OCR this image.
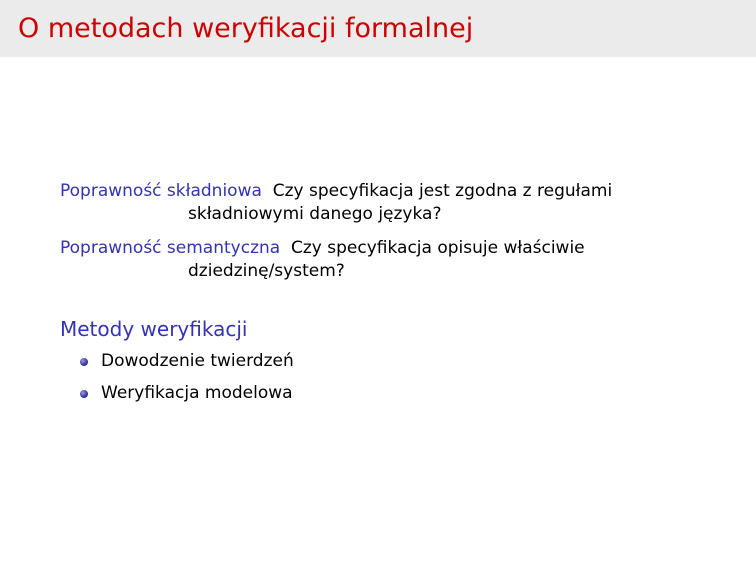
O metodach weryfikacji formalnej
Poprawność składniowa Czy specyfikacja jest zgodna z regułami
składniowymi danego języka?
Poprawność semantyczna Czy specyfikacja opisuje właściwie
dziedzinę/system?
Metody weryfikacji
Dowodzenie twierdzeń
Weryfikacja modelowa
